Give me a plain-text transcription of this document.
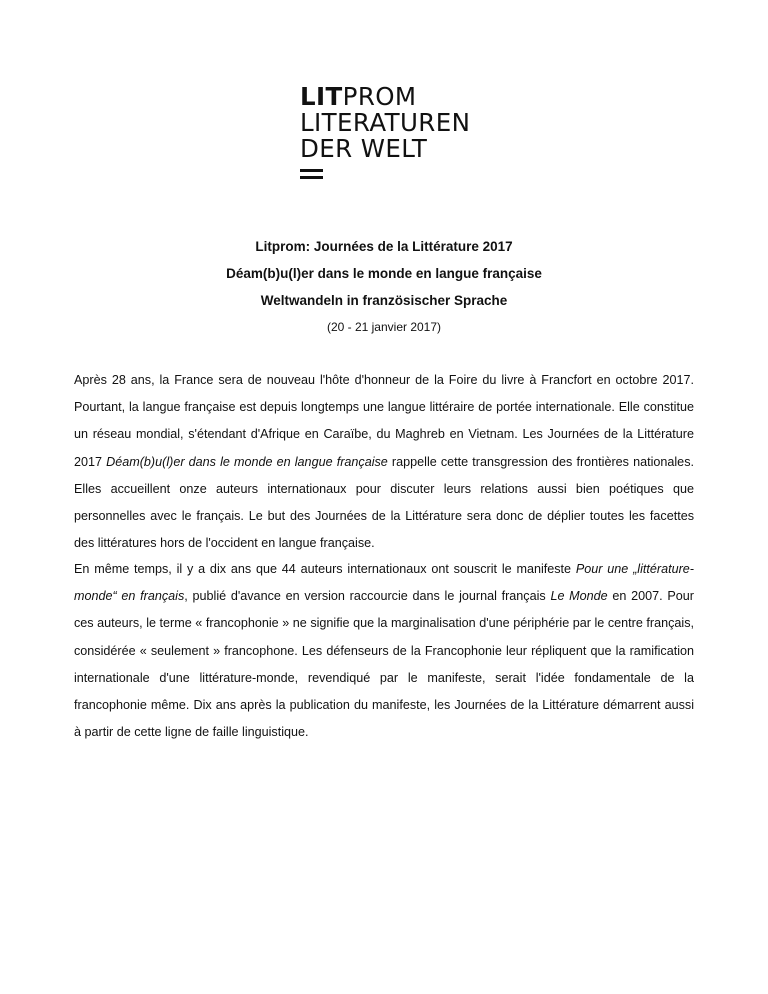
LITPROM
LITERATUREN
DER WELT
Litprom: Journées de la Littérature 2017
Déam(b)u(l)er dans le monde en langue française
Weltwandeln in französischer Sprache
(20 - 21 janvier 2017)

Après 28 ans, la France sera de nouveau l'hôte d'honneur de la Foire du livre à Francfort en octobre 2017. Pourtant, la langue française est depuis longtemps une langue littéraire de portée internationale. Elle constitue un réseau mondial, s'étendant d'Afrique en Caraïbe, du Maghreb en Vietnam. Les Journées de la Littérature 2017 Déam(b)u(l)er dans le monde en langue française rappelle cette transgression des frontières nationales. Elles accueillent onze auteurs internationaux pour discuter leurs relations aussi bien poétiques que personnelles avec le français. Le but des Journées de la Littérature sera donc de déplier toutes les facettes des littératures hors de l'occident en langue française.

En même temps, il y a dix ans que 44 auteurs internationaux ont souscrit le manifeste Pour une „littérature-monde“ en français, publié d'avance en version raccourcie dans le journal français Le Monde en 2007. Pour ces auteurs, le terme « francophonie » ne signifie que la marginalisation d'une périphérie par le centre français, considérée « seulement » francophone. Les défenseurs de la Francophonie leur répliquent que la ramification internationale d'une littérature-monde, revendiqué par le manifeste, serait l'idée fondamentale de la francophonie même. Dix ans après la publication du manifeste, les Journées de la Littérature démarrent aussi à partir de cette ligne de faille linguistique.
